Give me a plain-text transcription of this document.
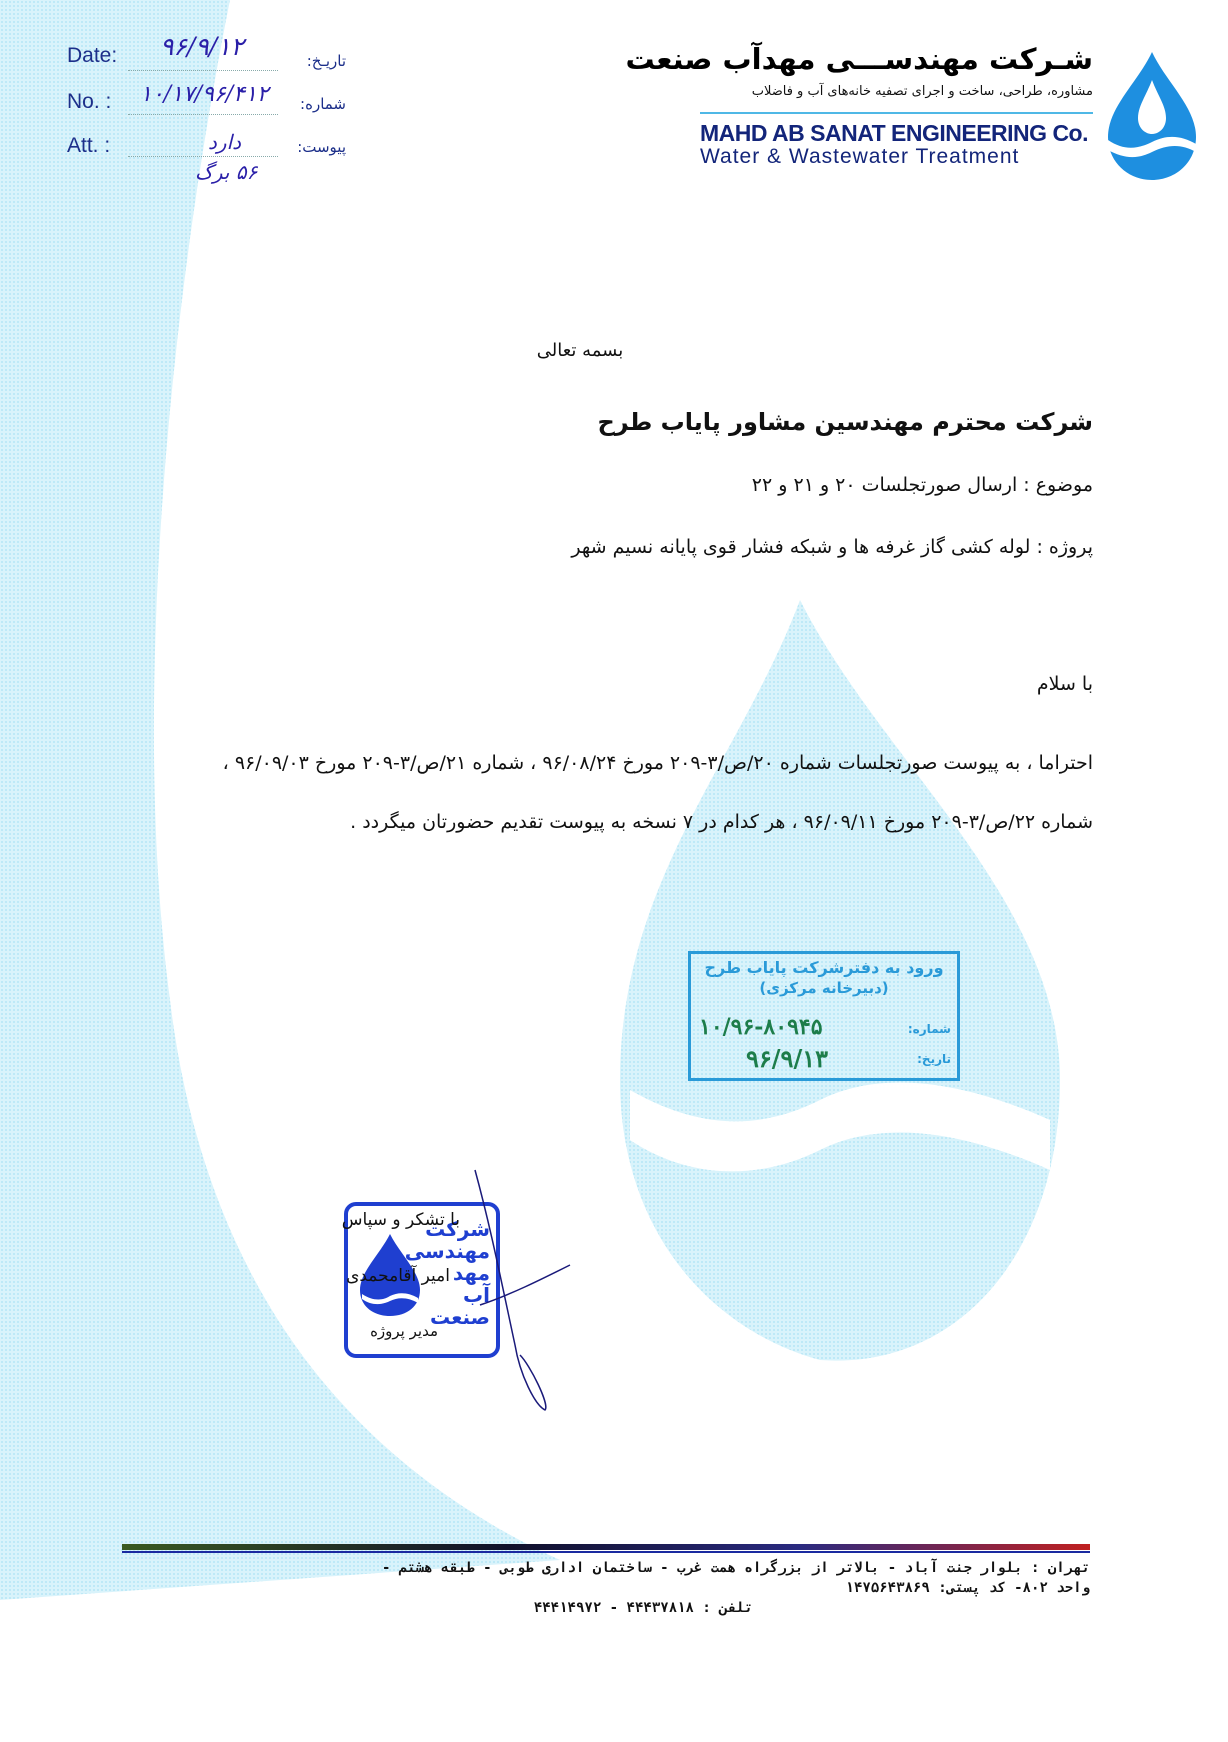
Date:
No. :
Att. :
تاریـخ:
شماره:
پیوست:
۹۶/۹/۱۲
۱۰/۱۷/۹۶/۴۱۲
دارد
۵۶ برگ
شـرکت مهندســـی مهدآب صنعت
مشاوره، طراحی، ساخت و اجرای تصفیه خانه‌های آب و فاضلاب
MAHD AB SANAT ENGINEERING Co.
Water & Wastewater Treatment
بسمه تعالی
شرکت محترم مهندسین مشاور پایاب طرح
موضوع : ارسال صورتجلسات ۲۰ و ۲۱ و ۲۲
پروژه : لوله کشی گاز غرفه ها و شبکه فشار قوی پایانه نسیم شهر
با سلام
احتراما ، به پیوست صورتجلسات شماره ۲۰/ص/۳-۲۰۹ مورخ ۹۶/۰۸/۲۴ ، شماره ۲۱/ص/۳-۲۰۹ مورخ ۹۶/۰۹/۰۳ ،
شماره ۲۲/ص/۳-۲۰۹ مورخ ۹۶/۰۹/۱۱ ، هر کدام در ۷ نسخه به پیوست تقدیم حضورتان میگردد .
ورود به دفترشرکت پایاب طرح
(دبیرخانه مرکزی)
شماره:
۱۰/۹۶-۸۰۹۴۵
تاریخ:
۹۶/۹/۱۳
شرکت مهندسی مهد آب صنعت
با تشکر و سپاس
امیر آقامحمدی
مدیر پروژه
تهران : بلوار جنت آباد - بالاتر از بزرگراه همت غرب - ساختمان اداری طوبی - طبقه هشتم -
واحد ۸۰۲- کد پستی: ۱۴۷۵۶۴۳۸۶۹
تلفن : ۴۴۴۳۷۸۱۸ - ۴۴۴۱۴۹۷۲
